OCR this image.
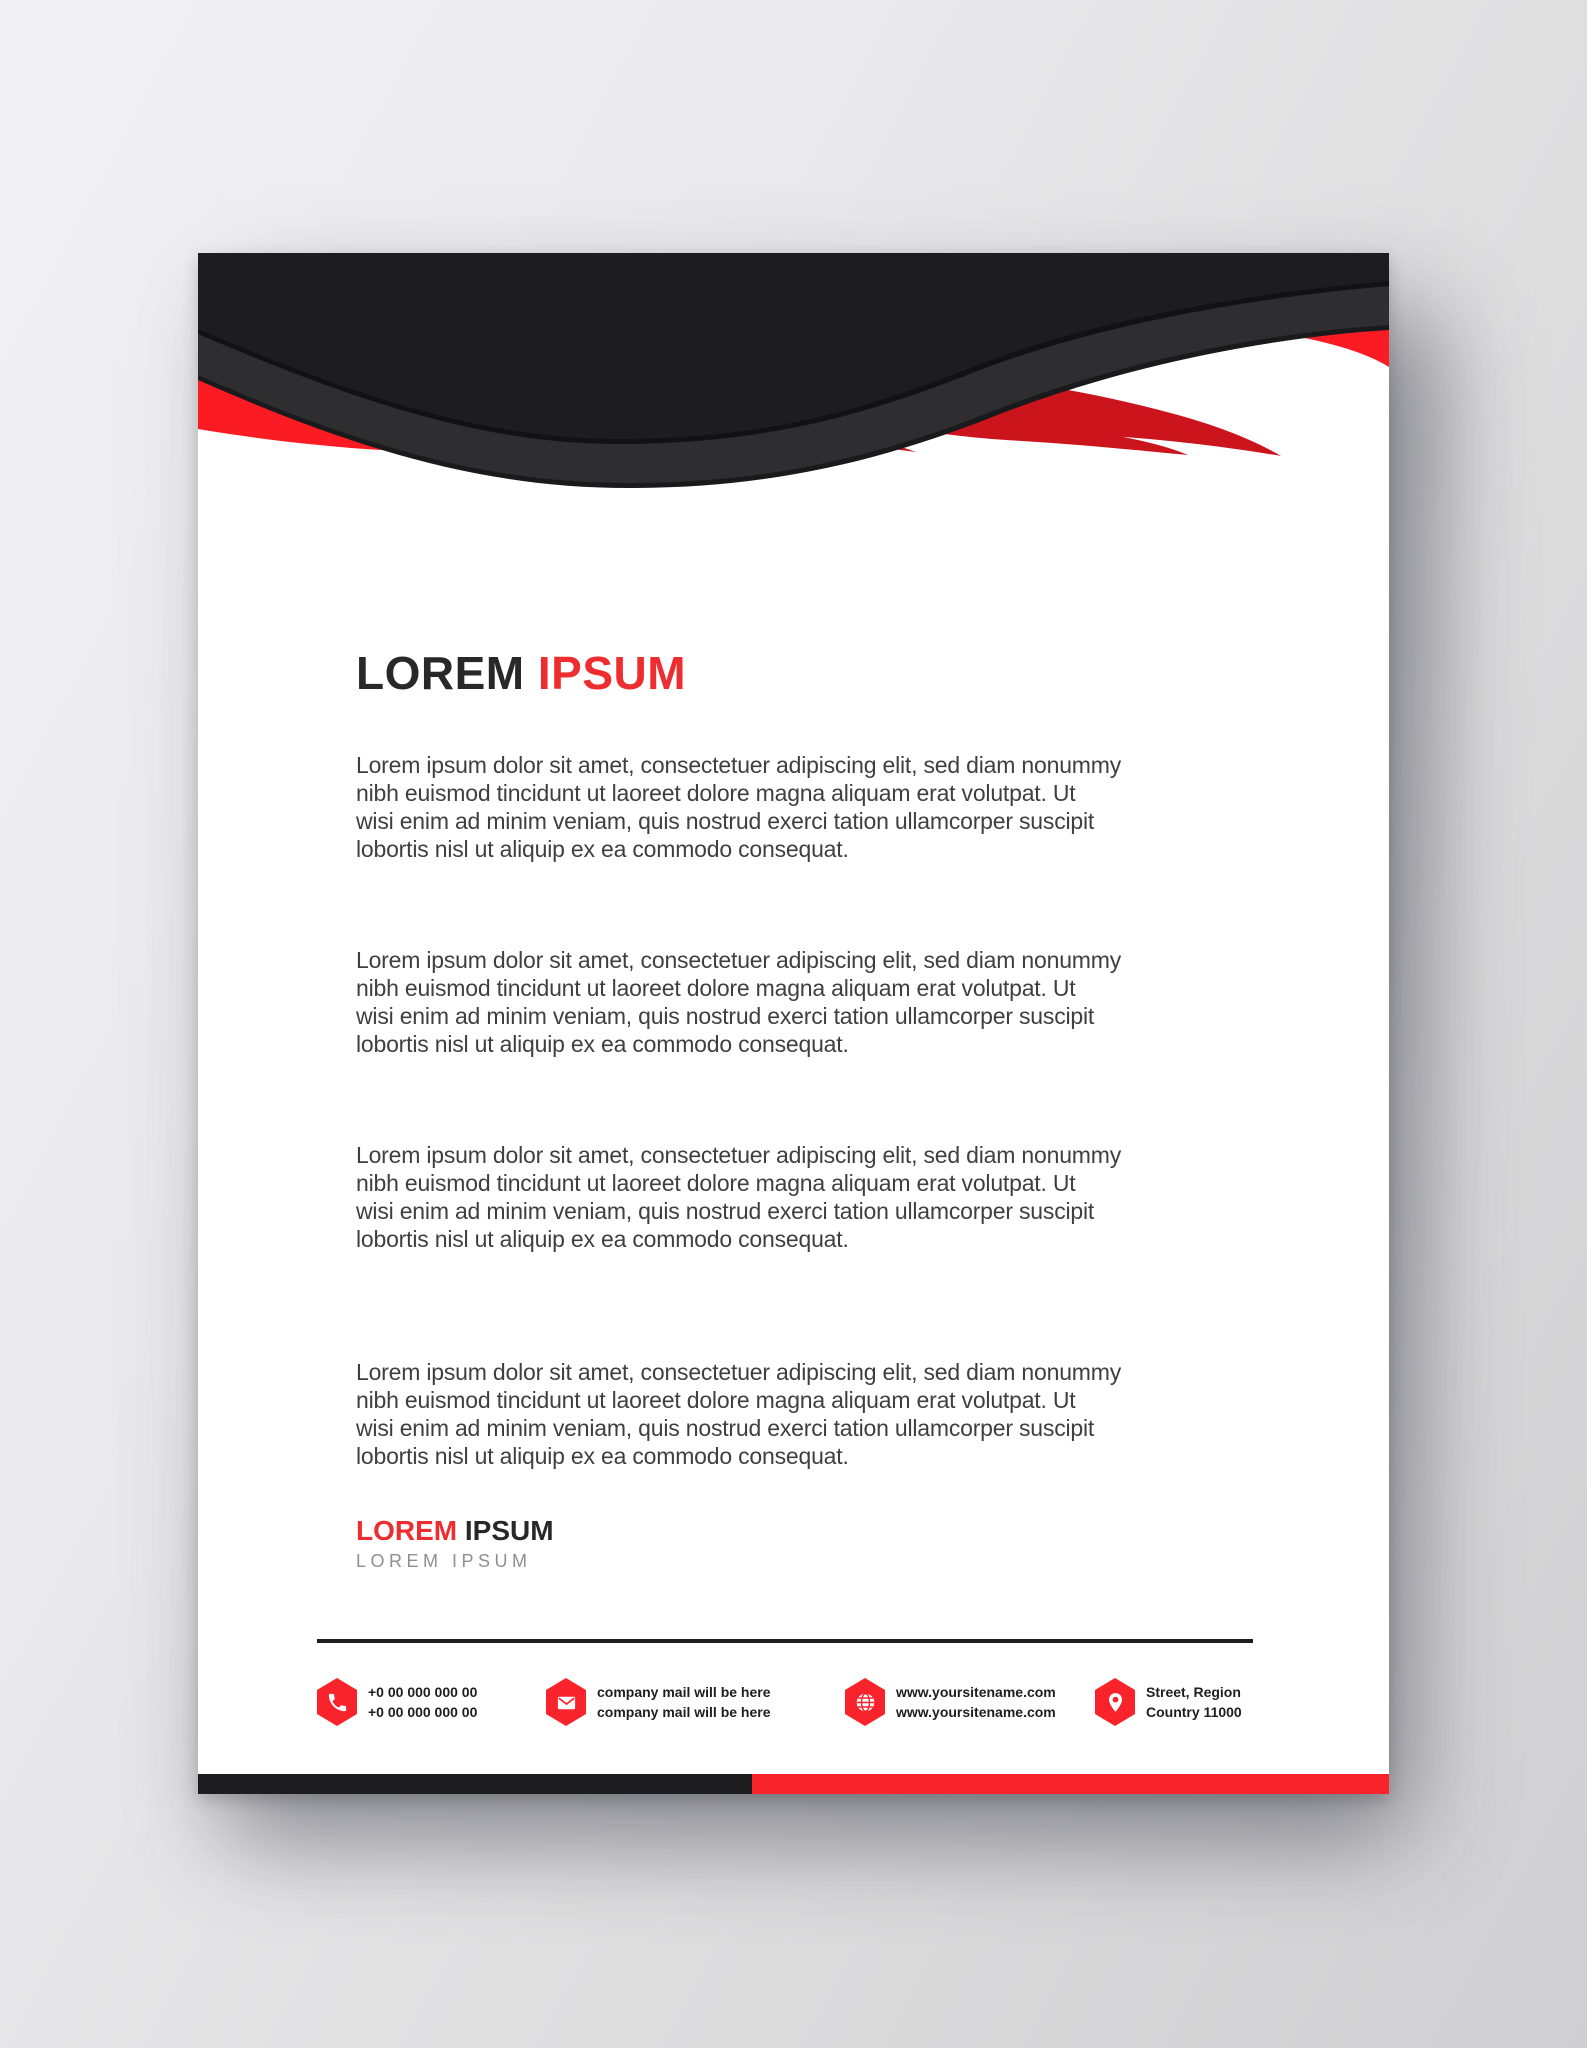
LOREM IPSUM
Lorem ipsum dolor sit amet, consectetuer adipiscing elit, sed diam nonummy
nibh euismod tincidunt ut laoreet dolore magna aliquam erat volutpat. Ut
wisi enim ad minim veniam, quis nostrud exerci tation ullamcorper suscipit
lobortis nisl ut aliquip ex ea commodo consequat.
Lorem ipsum dolor sit amet, consectetuer adipiscing elit, sed diam nonummy
nibh euismod tincidunt ut laoreet dolore magna aliquam erat volutpat. Ut
wisi enim ad minim veniam, quis nostrud exerci tation ullamcorper suscipit
lobortis nisl ut aliquip ex ea commodo consequat.
Lorem ipsum dolor sit amet, consectetuer adipiscing elit, sed diam nonummy
nibh euismod tincidunt ut laoreet dolore magna aliquam erat volutpat. Ut
wisi enim ad minim veniam, quis nostrud exerci tation ullamcorper suscipit
lobortis nisl ut aliquip ex ea commodo consequat.
Lorem ipsum dolor sit amet, consectetuer adipiscing elit, sed diam nonummy
nibh euismod tincidunt ut laoreet dolore magna aliquam erat volutpat. Ut
wisi enim ad minim veniam, quis nostrud exerci tation ullamcorper suscipit
lobortis nisl ut aliquip ex ea commodo consequat.
LOREM IPSUM
LOREM IPSUM
+0 00 000 000 00
+0 00 000 000 00
company mail will be here
company mail will be here
www.yoursitename.com
www.yoursitename.com
Street, Region
Country 11000
